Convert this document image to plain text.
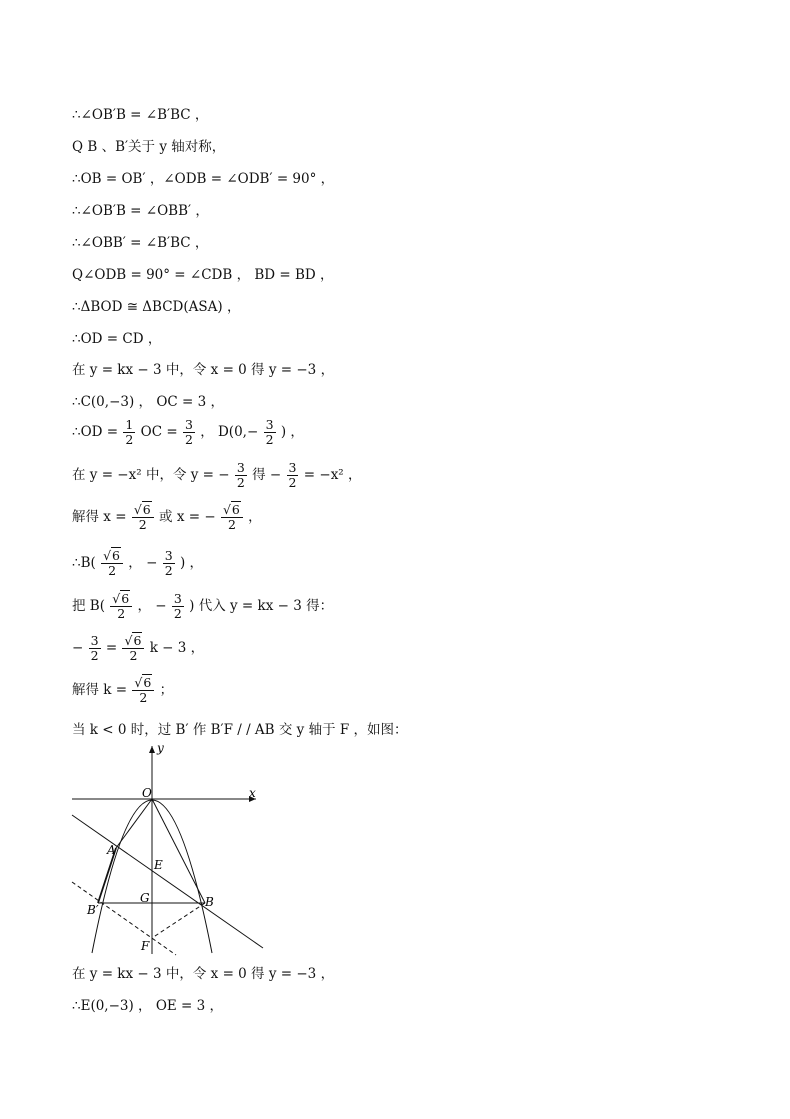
∴∠OB′B = ∠B′BC ，
Q B 、B′关于 y 轴对称，
∴OB = OB′ ，∠ODB = ∠ODB′ = 90° ，
∴∠OB′B = ∠OBB′ ，
∴∠OBB′ = ∠B′BC ，
Q∠ODB = 90° = ∠CDB ， BD = BD ，
∴ΔBOD ≅ ΔBCD(ASA) ，
∴OD = CD ，
在 y = kx − 3 中，令 x = 0 得 y = −3 ，
∴C(0,−3) ， OC = 3 ，
∴OD = $\frac{1}{2}$ OC = $\frac{3}{2}$ ， $D(0,- \frac{3}{2}$ ) ，
在 y = −x² 中，令 y = − $\frac{3}{2}$ 得 − $\frac{3}{2} = -x^2$ ，
解得 $x = \frac{√6}{2}$ 或 x = − $\frac{√6}{2}$ ，
∴B( $\frac{√6}{2}$ ， − $\frac{3}{2}$ ) ，
把 $B( \frac{√6}{2}$ ， − $\frac{3}{2}$ ) 代入 y = kx − 3 得：
− $\frac{3}{2} = \frac{√6}{2}$ k − 3 ，
解得 $k = \frac{√6}{2}$ ；
当 k < 0 时，过 B′ 作 B′F / / AB 交 y 轴于 F ，如图：
y
x
O
A
E
G	B
B′
F
在 y = kx − 3 中，令 x = 0 得 y = −3 ，
∴E(0,−3) ， OE = 3 ，
